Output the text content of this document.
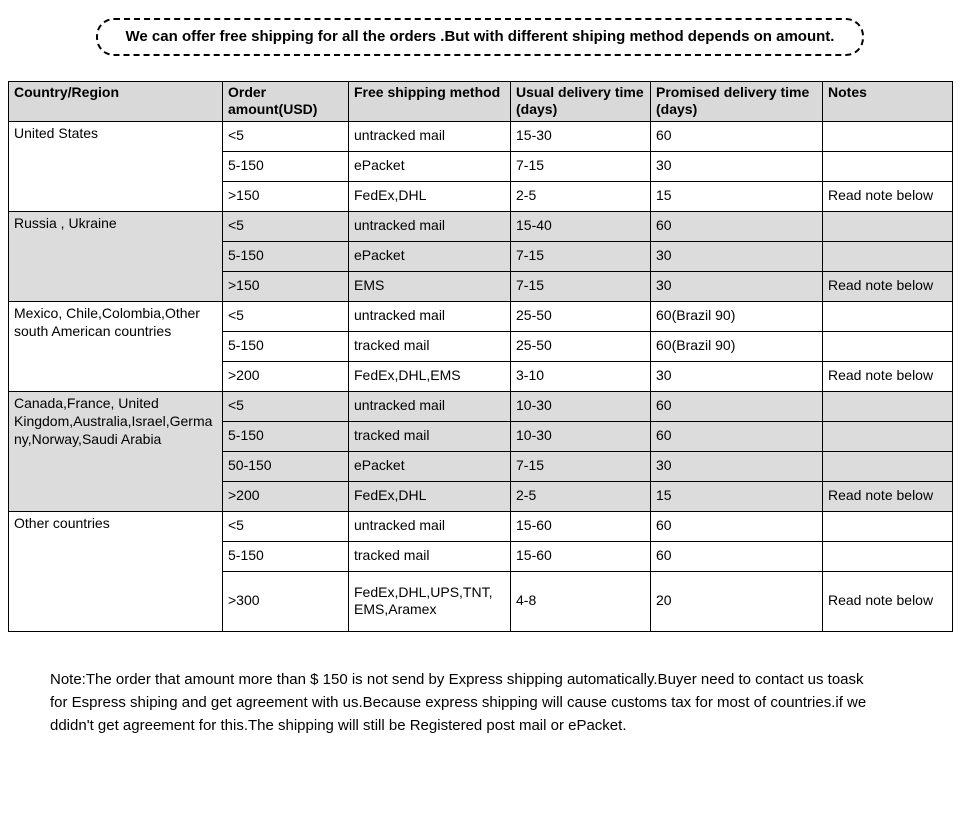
We can offer free shipping for all the orders .But with different shiping method depends on amount.
Country/Region	Order amount(USD)	Free shipping method	Usual delivery time (days)	Promised delivery time (days)	Notes
United States	<5	untracked mail	15-30	60	
	5-150	ePacket	7-15	30	
	>150	FedEx,DHL	2-5	15	Read note below
Russia , Ukraine	<5	untracked mail	15-40	60	
	5-150	ePacket	7-15	30	
	>150	EMS	7-15	30	Read note below
Mexico, Chile,Colombia,Other south American countries	<5	untracked mail	25-50	60(Brazil 90)	
	5-150	tracked mail	25-50	60(Brazil 90)	
	>200	FedEx,DHL,EMS	3-10	30	Read note below
Canada,France, United Kingdom,Australia,Israel,Germany,Norway,Saudi Arabia	<5	untracked mail	10-30	60	
	5-150	tracked mail	10-30	60	
	50-150	ePacket	7-15	30	
	>200	FedEx,DHL	2-5	15	Read note below
Other countries	<5	untracked mail	15-60	60	
	5-150	tracked mail	15-60	60	
	>300	FedEx,DHL,UPS,TNT, EMS,Aramex	4-8	20	Read note below
Note:The order that amount more than $ 150 is not send by Express shipping automatically.Buyer need to contact us toask for Espress shiping and get agreement with us.Because express shipping will cause customs tax for most of countries.if we ddidn't get agreement for this.The shipping will still be Registered post mail or ePacket.
